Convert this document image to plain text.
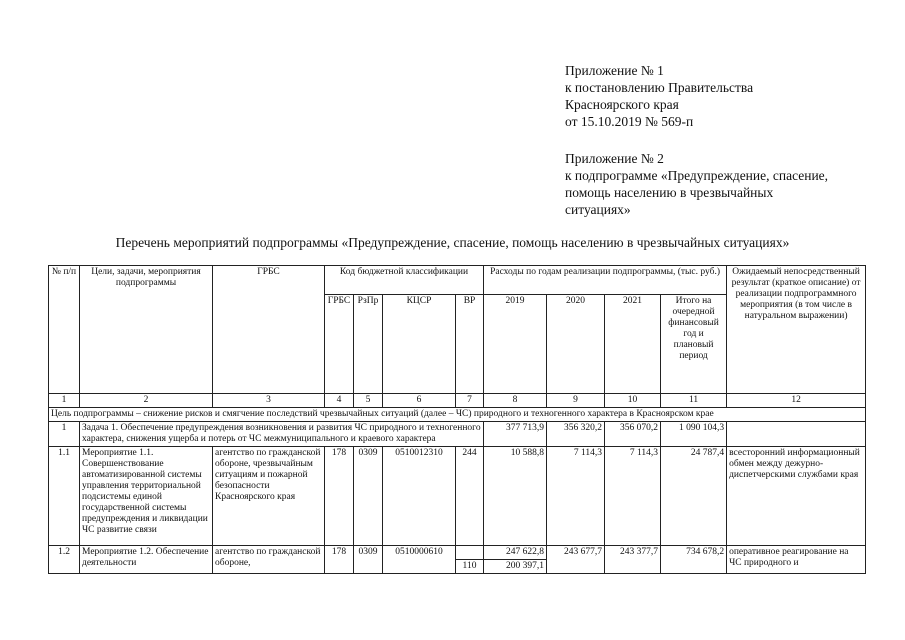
Приложение № 1
к постановлению Правительства
Красноярского края
от 15.10.2019 № 569-п
Приложение № 2
к подпрограмме «Предупреждение, спасение,
помощь населению в чрезвычайных
ситуациях»
Перечень мероприятий подпрограммы «Предупреждение, спасение, помощь населению в чрезвычайных ситуациях»
№ п/п	Цели, задачи, мероприятия подпрограммы	ГРБС	Код бюджетной классификации				Расходы по годам реализации подпрограммы, (тыс. руб.)				Ожидаемый непосредственный результат (краткое описание) от реализации подпрограммного мероприятия (в том числе в натуральном выражении)
			ГРБС	РзПр	КЦСР	ВР	2019	2020	2021	Итого на очередной финансовый год и плановый период	
1	2	3	4	5	6	7	8	9	10	11	12
Цель подпрограммы – снижение рисков и смягчение последствий чрезвычайных ситуаций (далее – ЧС) природного и техногенного характера в Красноярском крае											
1	Задача 1. Обеспечение предупреждения возникновения и развития ЧС природного и техногенного характера, снижения ущерба и потерь от ЧС межмуниципального и краевого характера						377 713,9	356 320,2	356 070,2	1 090 104,3	
1.1	Мероприятие 1.1. Совершенствование автоматизированной системы управления территориальной подсистемы единой государственной системы предупреждения и ликвидации ЧС развитие связи	агентство по гражданской обороне, чрезвычайным ситуациям и пожарной безопасности Красноярского края	178	0309	0510012310	244	10 588,8	7 114,3	7 114,3	24 787,4	всесторонний информационный обмен между дежурно-диспетчерскими службами края
1.2	Мероприятие 1.2. Обеспечение деятельности	агентство по гражданской обороне,	178	0309	0510000610		247 622,8	243 677,7	243 377,7	734 678,2	оперативное реагирование на ЧС природного и
						110	200 397,1				
